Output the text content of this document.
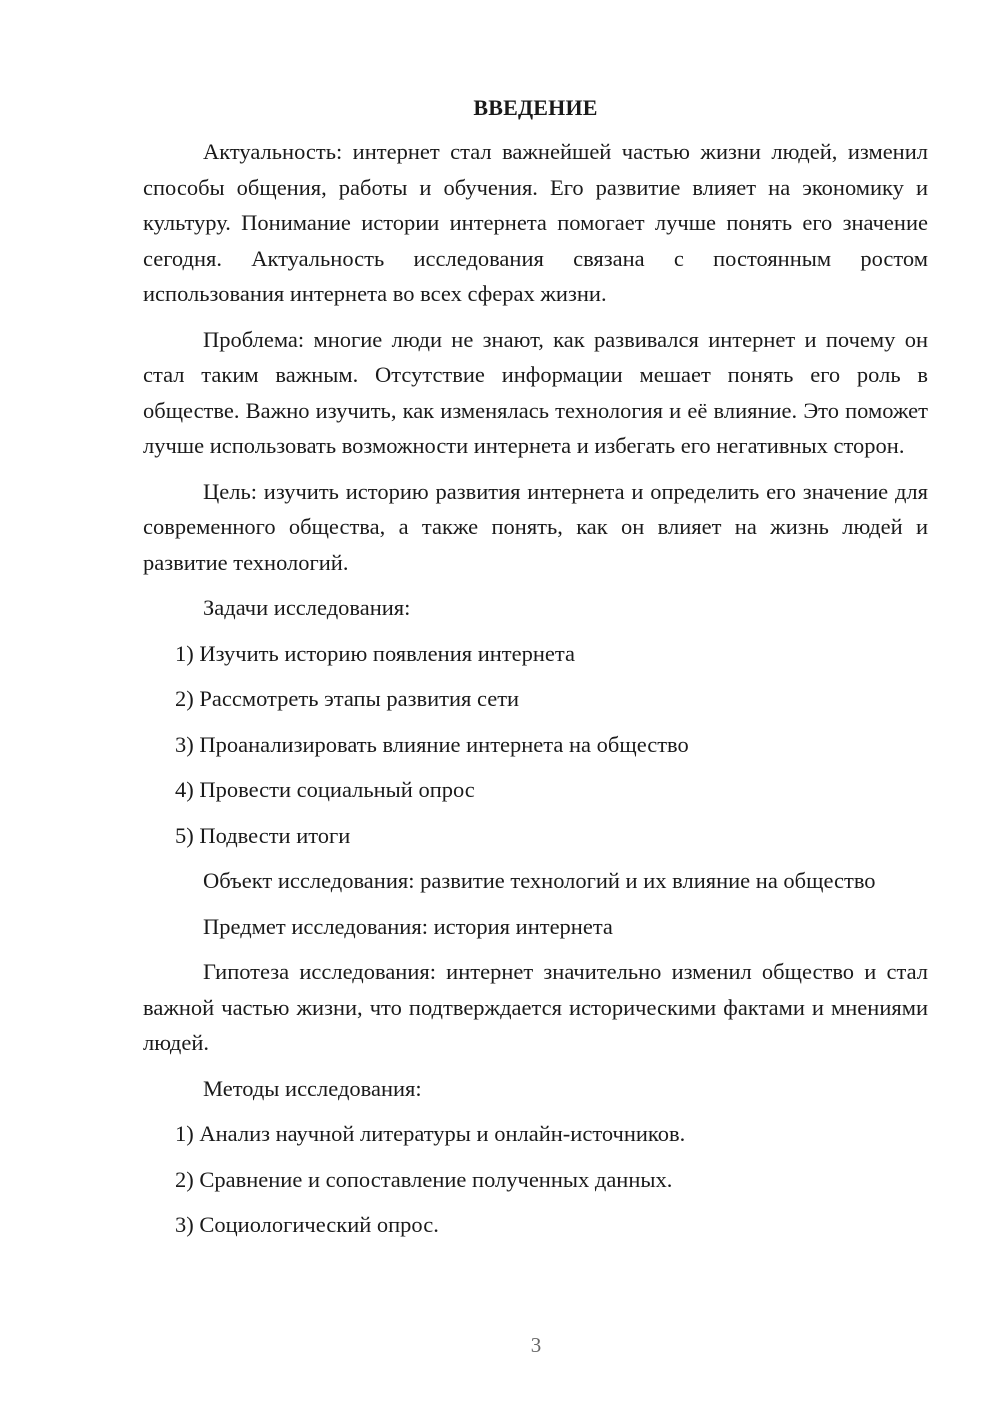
ВВЕДЕНИЕ

Актуальность: интернет стал важнейшей частью жизни людей, изменил способы общения, работы и обучения. Его развитие влияет на экономику и культуру. Понимание истории интернета помогает лучше понять его значение сегодня. Актуальность исследования связана с постоянным ростом использования интернета во всех сферах жизни.

Проблема: многие люди не знают, как развивался интернет и почему он стал таким важным. Отсутствие информации мешает понять его роль в обществе. Важно изучить, как изменялась технология и её влияние. Это поможет лучше использовать возможности интернета и избегать его негативных сторон.

Цель: изучить историю развития интернета и определить его значение для современного общества, а также понять, как он влияет на жизнь людей и развитие технологий.

Задачи исследования:

1) Изучить историю появления интернета

2) Рассмотреть этапы развития сети

3) Проанализировать влияние интернета на общество

4) Провести социальный опрос

5) Подвести итоги

Объект исследования: развитие технологий и их влияние на общество

Предмет исследования: история интернета

Гипотеза исследования: интернет значительно изменил общество и стал важной частью жизни, что подтверждается историческими фактами и мнениями людей.

Методы исследования:

1) Анализ научной литературы и онлайн-источников.

2) Сравнение и сопоставление полученных данных.

3) Социологический опрос.

3
